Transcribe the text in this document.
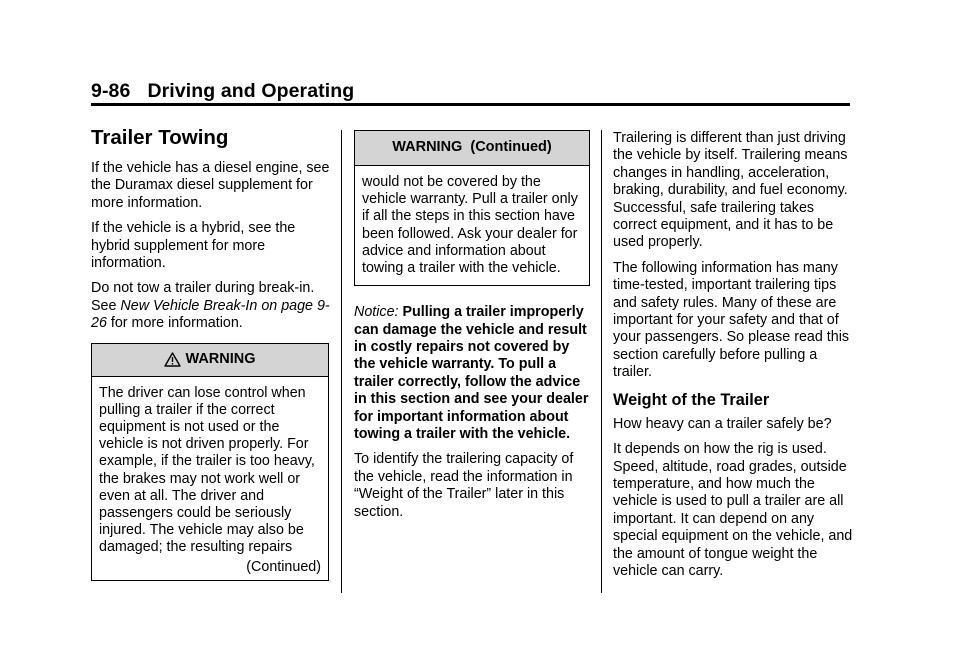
9-86 Driving and Operating
Trailer Towing

If the vehicle has a diesel engine, see the Duramax diesel supplement for more information.

If the vehicle is a hybrid, see the hybrid supplement for more information.

Do not tow a trailer during break-in. See New Vehicle Break-In on page 9-26 for more information.

WARNING

The driver can lose control when pulling a trailer if the correct equipment is not used or the vehicle is not driven properly. For example, if the trailer is too heavy, the brakes may not work well or even at all. The driver and passengers could be seriously injured. The vehicle may also be damaged; the resulting repairs

(Continued)
WARNING  (Continued)

would not be covered by the vehicle warranty. Pull a trailer only if all the steps in this section have been followed. Ask your dealer for advice and information about towing a trailer with the vehicle.

Notice: Pulling a trailer improperly can damage the vehicle and result in costly repairs not covered by the vehicle warranty. To pull a trailer correctly, follow the advice in this section and see your dealer for important information about towing a trailer with the vehicle.

To identify the trailering capacity of the vehicle, read the information in “Weight of the Trailer” later in this section.

Trailering is different than just driving the vehicle by itself. Trailering means changes in handling, acceleration, braking, durability, and fuel economy. Successful, safe trailering takes correct equipment, and it has to be used properly.

The following information has many time-tested, important trailering tips and safety rules. Many of these are important for your safety and that of your passengers. So please read this section carefully before pulling a trailer.

Weight of the Trailer

How heavy can a trailer safely be?

It depends on how the rig is used. Speed, altitude, road grades, outside temperature, and how much the vehicle is used to pull a trailer are all important. It can depend on any special equipment on the vehicle, and the amount of tongue weight the vehicle can carry.
